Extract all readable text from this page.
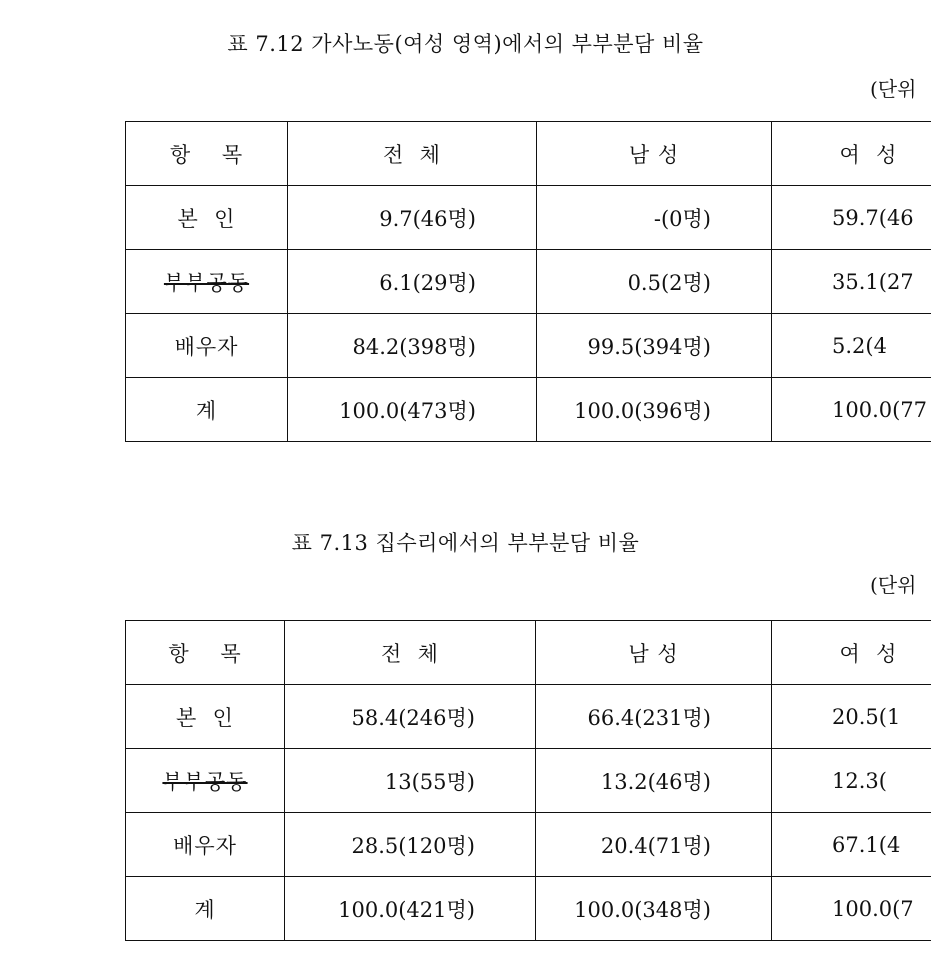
표 7.12 가사노동(여성 영역)에서의 부부분담 비율
(단위
항    목	전  체	남 성	여  성
본  인	9.7(46명)	-(0명)	59.7(46
부부공동	6.1(29명)	0.5(2명)	35.1(27
배우자	84.2(398명)	99.5(394명)	5.2(4
계	100.0(473명)	100.0(396명)	100.0(77
표 7.13 집수리에서의 부부분담 비율
(단위
항    목	전  체	남 성	여  성
본  인	58.4(246명)	66.4(231명)	20.5(1
부부공동	13(55명)	13.2(46명)	12.3(
배우자	28.5(120명)	20.4(71명)	67.1(4
계	100.0(421명)	100.0(348명)	100.0(7
